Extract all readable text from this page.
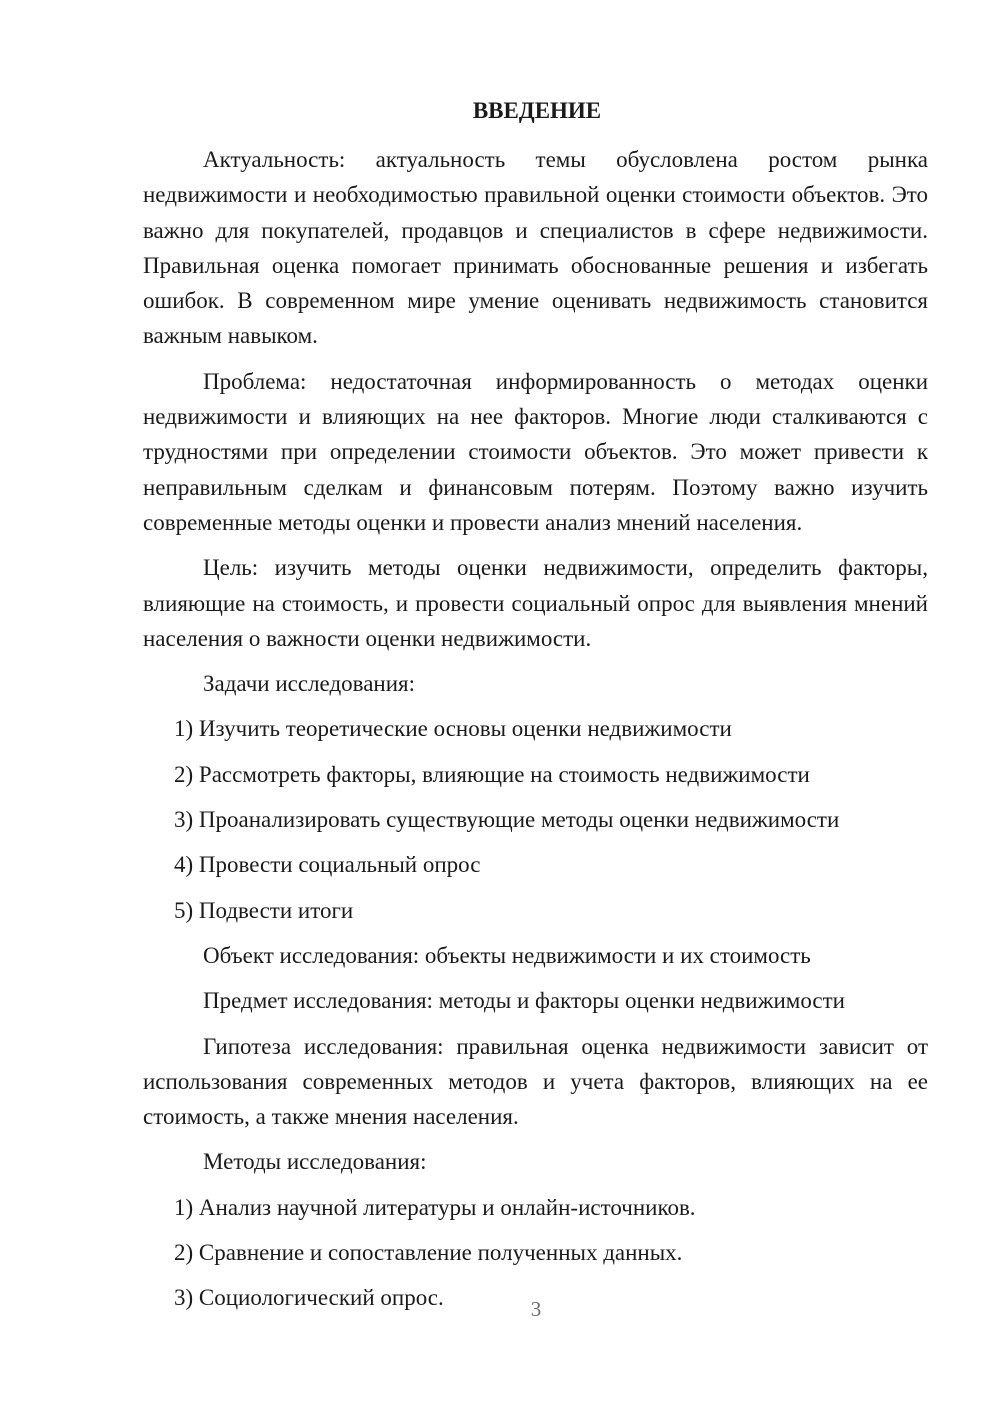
ВВЕДЕНИЕ

Актуальность: актуальность темы обусловлена ростом рынка недвижимости и необходимостью правильной оценки стоимости объектов. Это важно для покупателей, продавцов и специалистов в сфере недвижимости. Правильная оценка помогает принимать обоснованные решения и избегать ошибок. В современном мире умение оценивать недвижимость становится важным навыком.

Проблема: недостаточная информированность о методах оценки недвижимости и влияющих на нее факторов. Многие люди сталкиваются с трудностями при определении стоимости объектов. Это может привести к неправильным сделкам и финансовым потерям. Поэтому важно изучить современные методы оценки и провести анализ мнений населения.

Цель: изучить методы оценки недвижимости, определить факторы, влияющие на стоимость, и провести социальный опрос для выявления мнений населения о важности оценки недвижимости.

Задачи исследования:
1) Изучить теоретические основы оценки недвижимости
2) Рассмотреть факторы, влияющие на стоимость недвижимости
3) Проанализировать существующие методы оценки недвижимости
4) Провести социальный опрос
5) Подвести итоги
Объект исследования: объекты недвижимости и их стоимость
Предмет исследования: методы и факторы оценки недвижимости

Гипотеза исследования: правильная оценка недвижимости зависит от использования современных методов и учета факторов, влияющих на ее стоимость, а также мнения населения.

Методы исследования:
1) Анализ научной литературы и онлайн-источников.
2) Сравнение и сопоставление полученных данных.
3) Социологический опрос.	3
